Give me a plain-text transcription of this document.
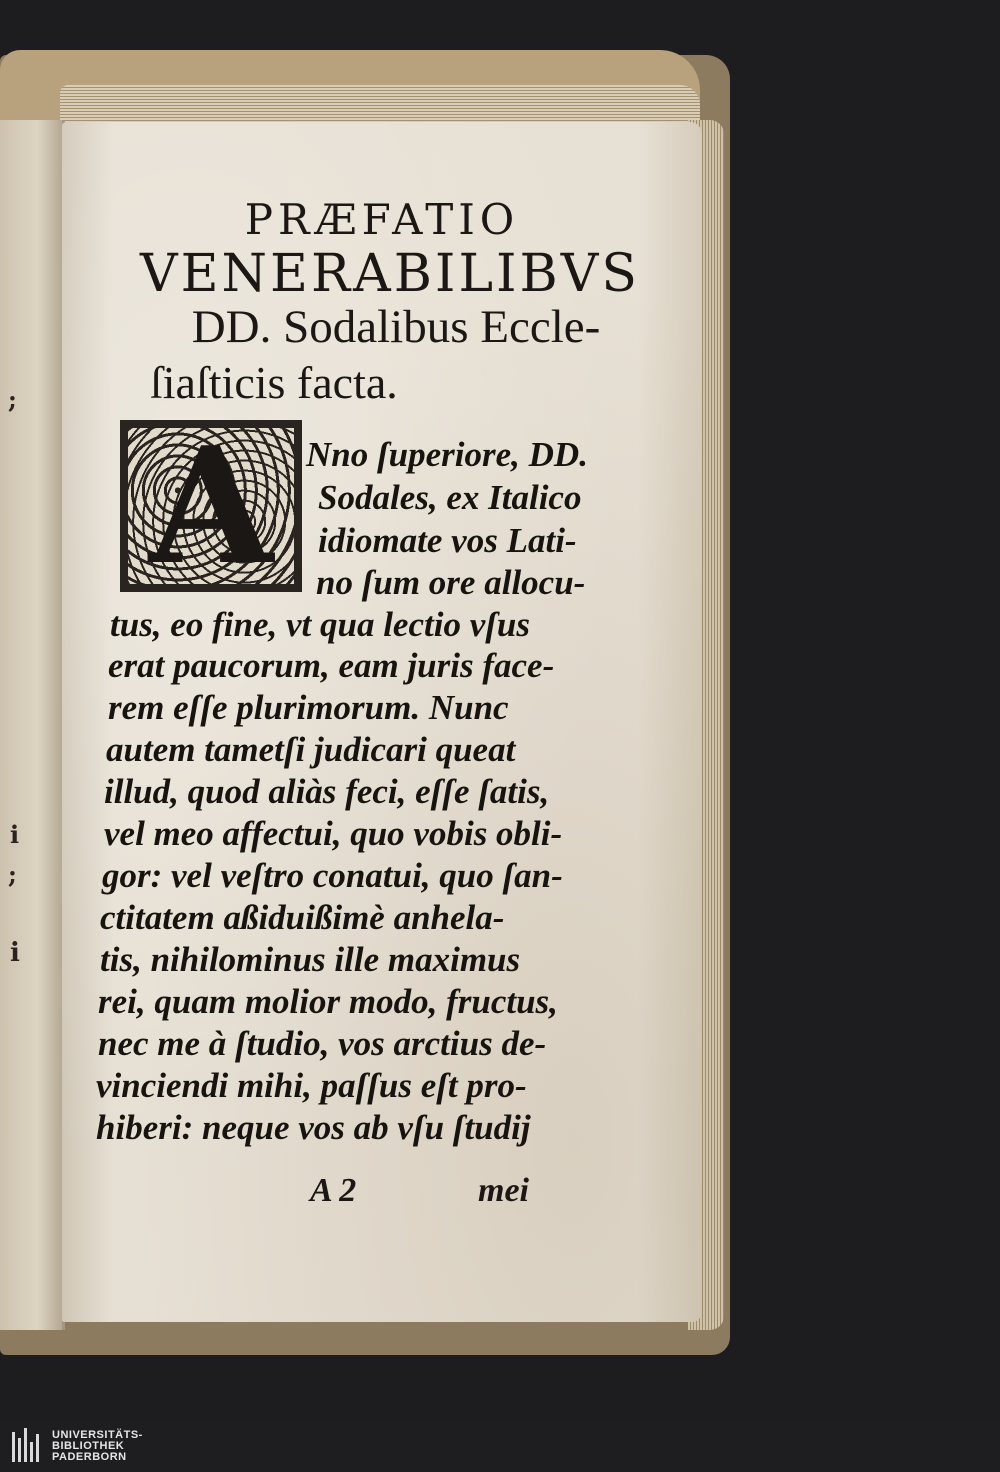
;
i
;
i
PRÆFATIO
VENERABILIBVS
DD. Sodalibus Eccle-
ſiaſticis facta.
A Nno ſuperiore, DD.
Sodales, ex Italico
idiomate vos Lati-
no ſum ore allocu-
tus, eo fine, vt qua lectio vſus
erat paucorum, eam juris face-
rem eſſe plurimorum. Nunc
autem tametſi judicari queat
illud, quod aliàs feci, eſſe ſatis,
vel meo affectui, quo vobis obli-
gor: vel veſtro conatui, quo ſan-
ctitatem aßiduißimè anhela-
tis, nihilominus ille maximus
rei, quam molior modo, fructus,
nec me à ſtudio, vos arctius de-
vinciendi mihi, paſſus eſt pro-
hiberi: neque vos ab vſu ſtudij
A 2	mei
UNIVERSITÄTS-
BIBLIOTHEK
PADERBORN
